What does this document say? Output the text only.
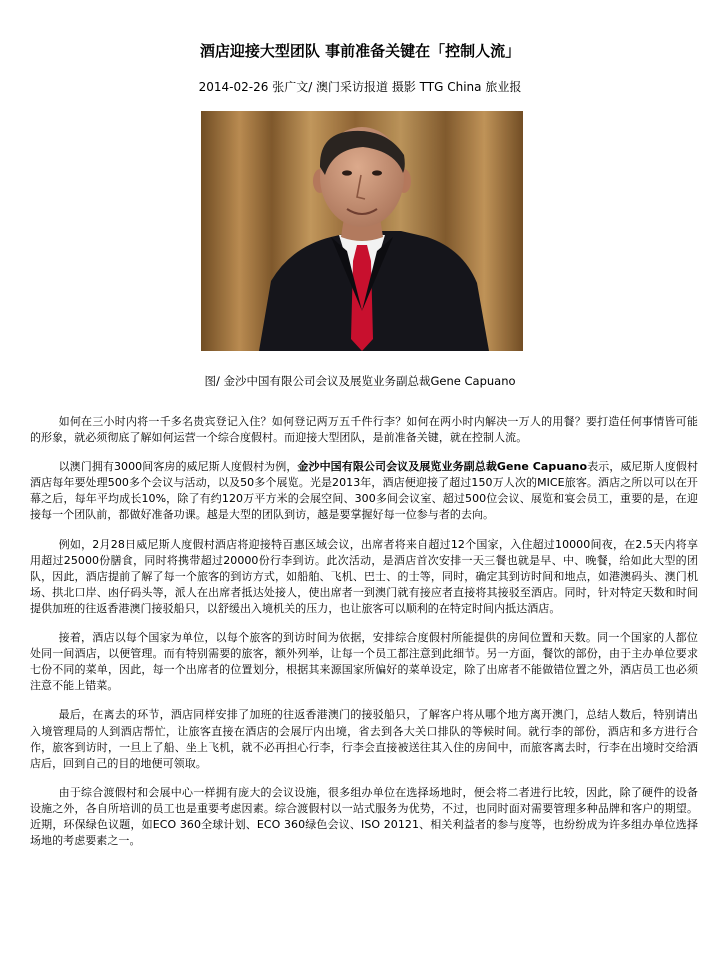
酒店迎接大型团队 事前准备关键在「控制人流」
2014-02-26 张广文/ 澳门采访报道 摄影 TTG China 旅业报
图/ 金沙中国有限公司会议及展览业务副总裁Gene Capuano

如何在三小时内将一千多名贵宾登记入住？如何登记两万五千件行李？如何在两小时内解决一万人的用餐？要打造任何事情皆可能的形象，就必须彻底了解如何运营一个综合度假村。而迎接大型团队，是前准备关键，就在控制人流。

以澳门拥有3000间客房的威尼斯人度假村为例，金沙中国有限公司会议及展览业务副总裁Gene Capuano表示，威尼斯人度假村酒店每年要处理500多个会议与活动，以及50多个展览。光是2013年，酒店便迎接了超过150万人次的MICE旅客。酒店之所以可以在开幕之后，每年平均成长10%，除了有约120万平方米的会展空间、300多间会议室、超过500位会议、展览和宴会员工，重要的是，在迎接每一个团队前，都做好准备功课。越是大型的团队到访，越是要掌握好每一位参与者的去向。

例如，2月28日威尼斯人度假村酒店将迎接特百惠区域会议，出席者将来自超过12个国家，入住超过10000间夜，在2.5天内将享用超过25000份膳食，同时将携带超过20000份行李到访。此次活动，是酒店首次安排一天三餐也就是早、中、晚餐，给如此大型的团队，因此，酒店提前了解了每一个旅客的到访方式，如船舶、飞机、巴士、的士等，同时，确定其到访时间和地点，如港澳码头、澳门机场、拱北口岸、凼仔码头等，派人在出席者抵达处接人，使出席者一到澳门就有接应者直接将其接驳至酒店。同时，针对特定天数和时间提供加班的往返香港澳门接驳船只，以舒缓出入境机关的压力，也让旅客可以顺利的在特定时间内抵达酒店。

接着，酒店以每个国家为单位，以每个旅客的到访时间为依据，安排综合度假村所能提供的房间位置和天数。同一个国家的人都位处同一间酒店，以便管理。而有特别需要的旅客，额外列举，让每一个员工都注意到此细节。另一方面，餐饮的部份，由于主办单位要求七份不同的菜单，因此，每一个出席者的位置划分，根据其来源国家所偏好的菜单设定，除了出席者不能做错位置之外，酒店员工也必须注意不能上错菜。

最后，在离去的环节，酒店同样安排了加班的往返香港澳门的接驳船只，了解客户将从哪个地方离开澳门，总结人数后，特别请出入境管理局的人到酒店帮忙，让旅客直接在酒店的会展厅内出境，省去到各大关口排队的等候时间。就行李的部份，酒店和多方进行合作，旅客到访时，一旦上了船、坐上飞机，就不必再担心行李，行李会直接被送往其入住的房间中，而旅客离去时，行李在出境时交给酒店后，回到自己的目的地便可领取。

由于综合渡假村和会展中心一样拥有庞大的会议设施，很多组办单位在选择场地时，便会将二者进行比较，因此，除了硬件的设备设施之外，各自所培训的员工也是重要考虑因素。综合渡假村以一站式服务为优势，不过，也同时面对需要管理多种品牌和客户的期望。近期，环保绿色议题，如ECO 360全球计划、ECO 360绿色会议、ISO 20121、相关利益者的参与度等，也纷纷成为许多组办单位选择场地的考虑要素之一。
